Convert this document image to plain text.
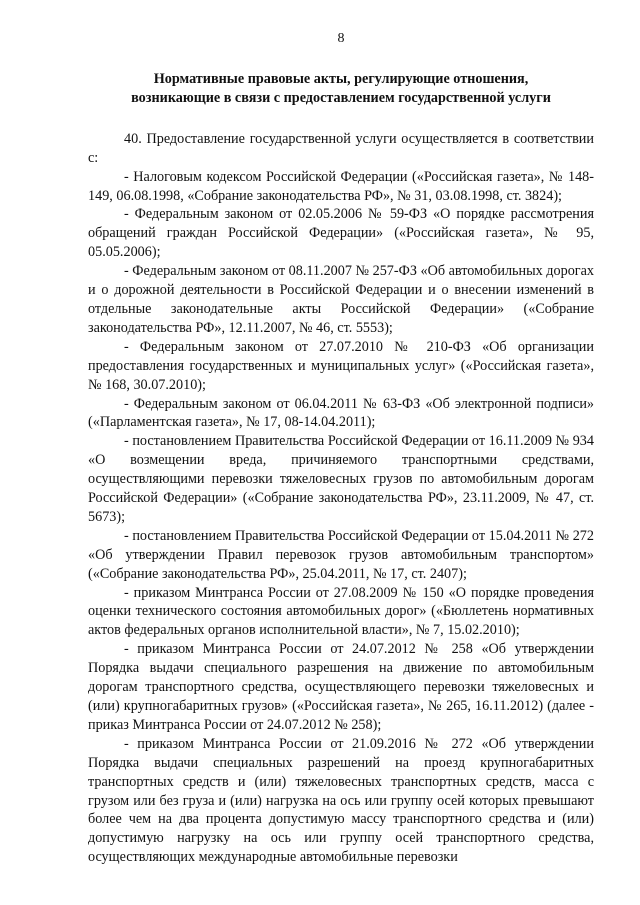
8
Нормативные правовые акты, регулирующие отношения,
возникающие в связи с предоставлением государственной услуги

40. Предоставление государственной услуги осуществляется в соответствии с:

- Налоговым кодексом Российской Федерации («Российская газета», № 148-149, 06.08.1998, «Собрание законодательства РФ», № 31, 03.08.1998, ст. 3824);

- Федеральным законом от 02.05.2006 № 59-ФЗ «О порядке рассмотрения обращений граждан Российской Федерации» («Российская газета», № 95, 05.05.2006);

- Федеральным законом от 08.11.2007 № 257-ФЗ «Об автомобильных дорогах и о дорожной деятельности в Российской Федерации и о внесении изменений в отдельные законодательные акты Российской Федерации» («Собрание законодательства РФ», 12.11.2007, № 46, ст. 5553);

- Федеральным законом от 27.07.2010 № 210-ФЗ «Об организации предоставления государственных и муниципальных услуг» («Российская газета», № 168, 30.07.2010);

- Федеральным законом от 06.04.2011 № 63-ФЗ «Об электронной подписи» («Парламентская газета», № 17, 08-14.04.2011);

- постановлением Правительства Российской Федерации от 16.11.2009 № 934 «О возмещении вреда, причиняемого транспортными средствами, осуществляющими перевозки тяжеловесных грузов по автомобильным дорогам Российской Федерации» («Собрание законодательства РФ», 23.11.2009, № 47, ст. 5673);

- постановлением Правительства Российской Федерации от 15.04.2011 № 272 «Об утверждении Правил перевозок грузов автомобильным транспортом» («Собрание законодательства РФ», 25.04.2011, № 17, ст. 2407);

- приказом Минтранса России от 27.08.2009 № 150 «О порядке проведения оценки технического состояния автомобильных дорог» («Бюллетень нормативных актов федеральных органов исполнительной власти», № 7, 15.02.2010);

- приказом Минтранса России от 24.07.2012 № 258 «Об утверждении Порядка выдачи специального разрешения на движение по автомобильным дорогам транспортного средства, осуществляющего перевозки тяжеловесных и (или) крупногабаритных грузов» («Российская газета», № 265, 16.11.2012) (далее - приказ Минтранса России от 24.07.2012 № 258);

- приказом Минтранса России от 21.09.2016 № 272 «Об утверждении Порядка выдачи специальных разрешений на проезд крупногабаритных транспортных средств и (или) тяжеловесных транспортных средств, масса с грузом или без груза и (или) нагрузка на ось или группу осей которых превышают более чем на два процента допустимую массу транспортного средства и (или) допустимую нагрузку на ось или группу осей транспортного средства, осуществляющих международные автомобильные перевозки
